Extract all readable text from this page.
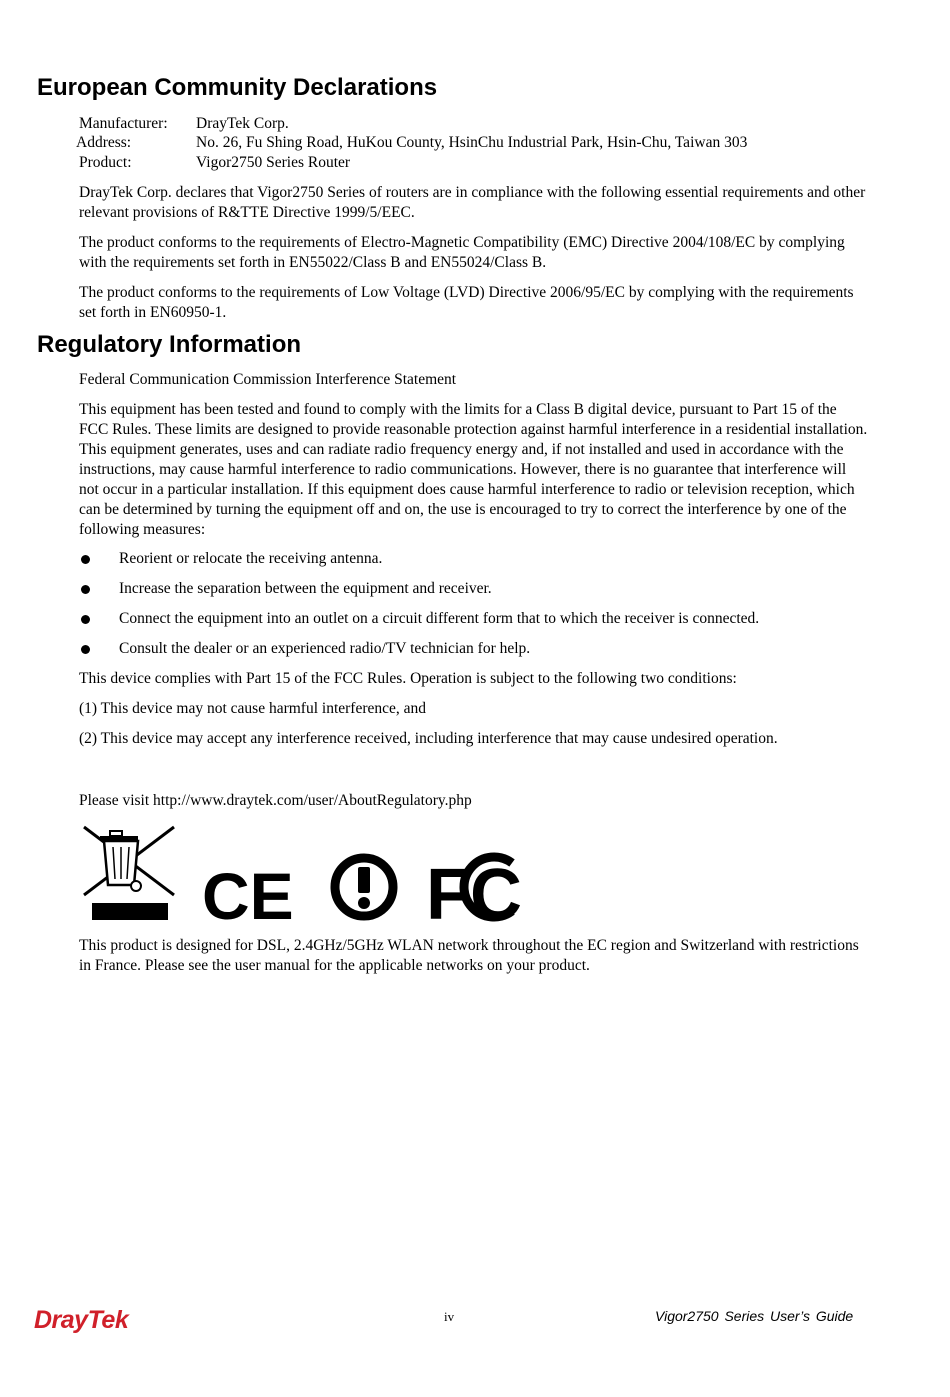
European Community Declarations
Manufacturer: DrayTek Corp.
Address:	No. 26, Fu Shing Road, HuKou County, HsinChu Industrial Park, Hsin-Chu, Taiwan 303
Product:	Vigor2750 Series Router

DrayTek Corp. declares that Vigor2750 Series of routers are in compliance with the following essential requirements and other relevant provisions of R&TTE Directive 1999/5/EEC.

The product conforms to the requirements of Electro-Magnetic Compatibility (EMC) Directive 2004/108/EC by complying with the requirements set forth in EN55022/Class B and EN55024/Class B.

The product conforms to the requirements of Low Voltage (LVD) Directive 2006/95/EC by complying with the requirements set forth in EN60950-1.

Regulatory Information

Federal Communication Commission Interference Statement

This equipment has been tested and found to comply with the limits for a Class B digital device, pursuant to Part 15 of the FCC Rules. These limits are designed to provide reasonable protection against harmful interference in a residential installation. This equipment generates, uses and can radiate radio frequency energy and, if not installed and used in accordance with the instructions, may cause harmful interference to radio communications. However, there is no guarantee that interference will not occur in a particular installation. If this equipment does cause harmful interference to radio or television reception, which can be determined by turning the equipment off and on, the use is encouraged to try to correct the interference by one of the following measures:

Reorient or relocate the receiving antenna.
Increase the separation between the equipment and receiver.
Connect the equipment into an outlet on a circuit different form that to which the receiver is connected.
Consult the dealer or an experienced radio/TV technician for help.

This device complies with Part 15 of the FCC Rules. Operation is subject to the following two conditions:

(1) This device may not cause harmful interference, and

(2) This device may accept any interference received, including interference that may cause undesired operation.

Please visit http://www.draytek.com/user/AboutRegulatory.php

CE FC

This product is designed for DSL, 2.4GHz/5GHz WLAN network throughout the EC region and Switzerland with restrictions in France. Please see the user manual for the applicable networks on your product.

DrayTek	iv	Vigor2750 Series User’s Guide
